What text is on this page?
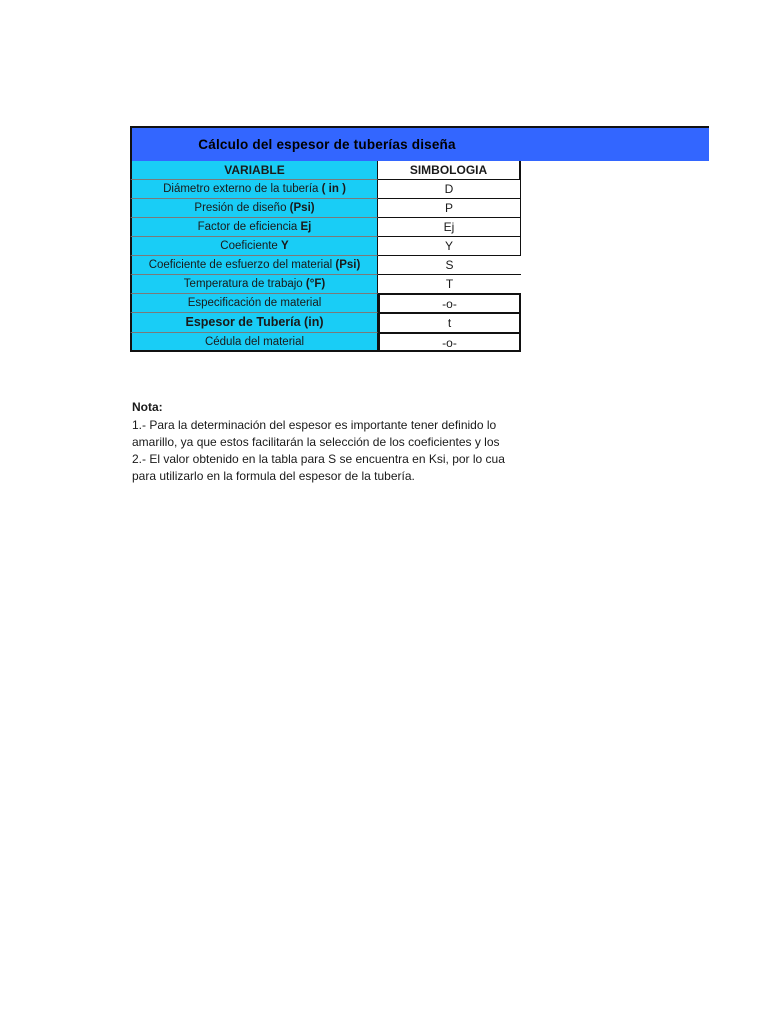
Cálculo del espesor de tuberías diseña
VARIABLE	SIMBOLOGIA
Diámetro externo de la tubería ( in )	D
Presión de diseño (Psi)	P
Factor de eficiencia Ej	Ej
Coeficiente Y	Y
Coeficiente de esfuerzo del material (Psi)	S
Temperatura de trabajo (°F)	T
Especificación de material	-o-
Espesor de Tubería (in)	t
Cédula del material	-o-
Nota:
1.- Para la determinación del espesor es importante tener definido lo
amarillo, ya que estos facilitarán la selección de los coeficientes y los
2.- El valor obtenido en la tabla para S se encuentra en Ksi, por lo cua
para utilizarlo en la formula del espesor de la tubería.
